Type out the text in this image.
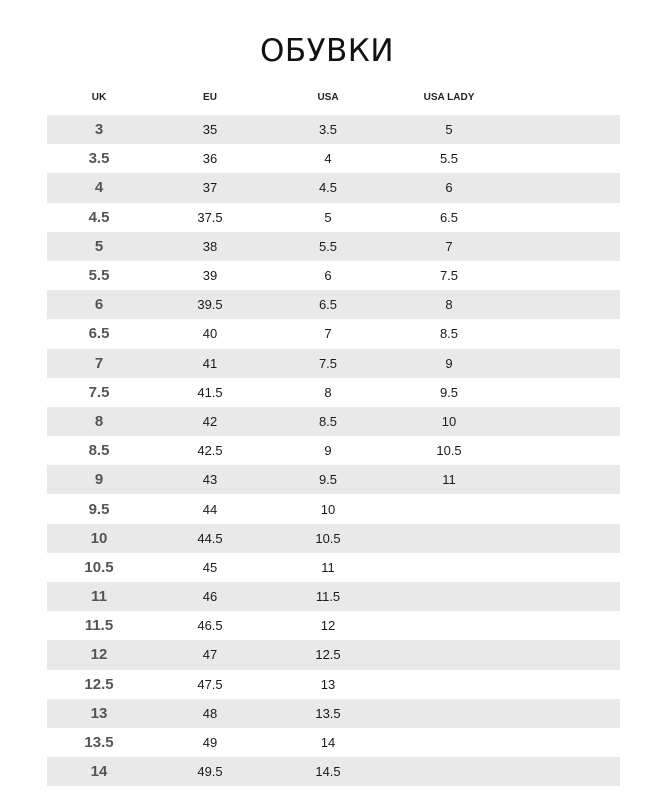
ОБУВКИ
UK	EU	USA	USA LADY	
3	35	3.5	5	
3.5	36	4	5.5	
4	37	4.5	6	
4.5	37.5	5	6.5	
5	38	5.5	7	
5.5	39	6	7.5	
6	39.5	6.5	8	
6.5	40	7	8.5	
7	41	7.5	9	
7.5	41.5	8	9.5	
8	42	8.5	10	
8.5	42.5	9	10.5	
9	43	9.5	11	
9.5	44	10		
10	44.5	10.5		
10.5	45	11		
11	46	11.5		
11.5	46.5	12		
12	47	12.5		
12.5	47.5	13		
13	48	13.5		
13.5	49	14		
14	49.5	14.5		
